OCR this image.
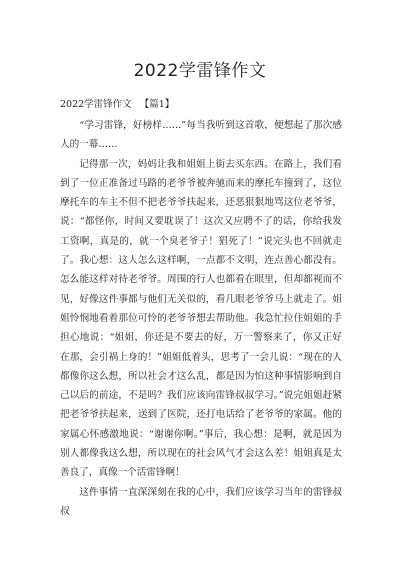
2022学雷锋作文
2022学雷锋作文 【篇1】

“学习雷锋，好榜样……”每当我听到这首歌，便想起了那次感人的一幕……

记得那一次，妈妈让我和姐姐上街去买东西。在路上，我们看到了一位正准备过马路的老爷爷被奔驰而来的摩托车撞到了，这位摩托车的车主不但不把老爷爷扶起来，还恶狠狠地骂这位老爷爷，说：“都怪你，时间又要耽误了！这次又应聘不了的话，你给我发工资啊，真是的，就一个臭老爷子！猖死了！”说完头也不回就走了。我心想：这人怎么这样啊，一点都不文明，连点善心都没有。怎么能这样对待老爷爷。周围的行人也都看在眼里，但却都视而不见，好像这件事都与他们无关似的，看几眼老爷爷马上就走了。姐姐怜悯地看着那位可怜的老爷爷想去帮助他。我急忙拉住姐姐的手担心地说：“姐姐，你还是不要去的好，万一警察来了，你又正好在那，会引祸上身的！”姐姐低着头，思考了一会儿说：“现在的人都像你这么想，所以社会才这么乱，都是因为怕这种事情影响到自己以后的前途，不是吗？我们应该向雷锋叔叔学习。”说完姐姐赶紧把老爷爷扶起来，送到了医院，还打电话给了老爷爷的家属。他的家属心怀感激地说：“谢谢你啊。”事后，我心想：是啊，就是因为别人都像我这么想，所以现在的社会风气才会这么差！姐姐真是太善良了，真像一个活雷锋啊！

这件事情一直深深刻在我的心中，我们应该学习当年的雷锋叔叔
